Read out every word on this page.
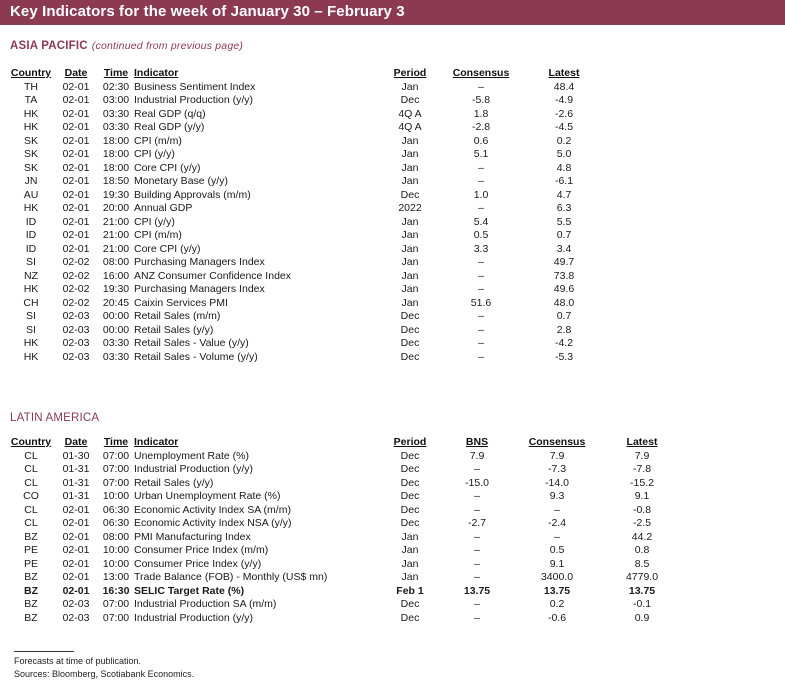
Key Indicators for the week of January 30 – February 3
ASIA PACIFIC (continued from previous page)
Country	Date	Time	Indicator	Period	Consensus	Latest
TH	02-01	02:30	Business Sentiment Index	Jan	–	48.4
TA	02-01	03:00	Industrial Production (y/y)	Dec	-5.8	-4.9
HK	02-01	03:30	Real GDP (q/q)	4Q A	1.8	-2.6
HK	02-01	03:30	Real GDP (y/y)	4Q A	-2.8	-4.5
SK	02-01	18:00	CPI (m/m)	Jan	0.6	0.2
SK	02-01	18:00	CPI (y/y)	Jan	5.1	5.0
SK	02-01	18:00	Core CPI (y/y)	Jan	–	4.8
JN	02-01	18:50	Monetary Base (y/y)	Jan	–	-6.1
AU	02-01	19:30	Building Approvals (m/m)	Dec	1.0	4.7
HK	02-01	20:00	Annual GDP	2022	–	6.3
ID	02-01	21:00	CPI (y/y)	Jan	5.4	5.5
ID	02-01	21:00	CPI (m/m)	Jan	0.5	0.7
ID	02-01	21:00	Core CPI (y/y)	Jan	3.3	3.4
SI	02-02	08:00	Purchasing Managers Index	Jan	–	49.7
NZ	02-02	16:00	ANZ Consumer Confidence Index	Jan	–	73.8
HK	02-02	19:30	Purchasing Managers Index	Jan	–	49.6
CH	02-02	20:45	Caixin Services PMI	Jan	51.6	48.0
SI	02-03	00:00	Retail Sales (m/m)	Dec	–	0.7
SI	02-03	00:00	Retail Sales (y/y)	Dec	–	2.8
HK	02-03	03:30	Retail Sales - Value (y/y)	Dec	–	-4.2
HK	02-03	03:30	Retail Sales - Volume (y/y)	Dec	–	-5.3
LATIN AMERICA
Country	Date	Time	Indicator	Period	BNS	Consensus	Latest
CL	01-30	07:00	Unemployment Rate (%)	Dec	7.9	7.9	7.9
CL	01-31	07:00	Industrial Production (y/y)	Dec	–	-7.3	-7.8
CL	01-31	07:00	Retail Sales (y/y)	Dec	-15.0	-14.0	-15.2
CO	01-31	10:00	Urban Unemployment Rate (%)	Dec	–	9.3	9.1
CL	02-01	06:30	Economic Activity Index SA (m/m)	Dec	–	–	-0.8
CL	02-01	06:30	Economic Activity Index NSA (y/y)	Dec	-2.7	-2.4	-2.5
BZ	02-01	08:00	PMI Manufacturing Index	Jan	–	–	44.2
PE	02-01	10:00	Consumer Price Index (m/m)	Jan	–	0.5	0.8
PE	02-01	10:00	Consumer Price Index (y/y)	Jan	–	9.1	8.5
BZ	02-01	13:00	Trade Balance (FOB) - Monthly (US$ mn)	Jan	–	3400.0	4779.0
BZ	02-01	16:30	SELIC Target Rate (%)	Feb 1	13.75	13.75	13.75
BZ	02-03	07:00	Industrial Production SA (m/m)	Dec	–	0.2	-0.1
BZ	02-03	07:00	Industrial Production (y/y)	Dec	–	-0.6	0.9
Forecasts at time of publication.
Sources: Bloomberg, Scotiabank Economics.
